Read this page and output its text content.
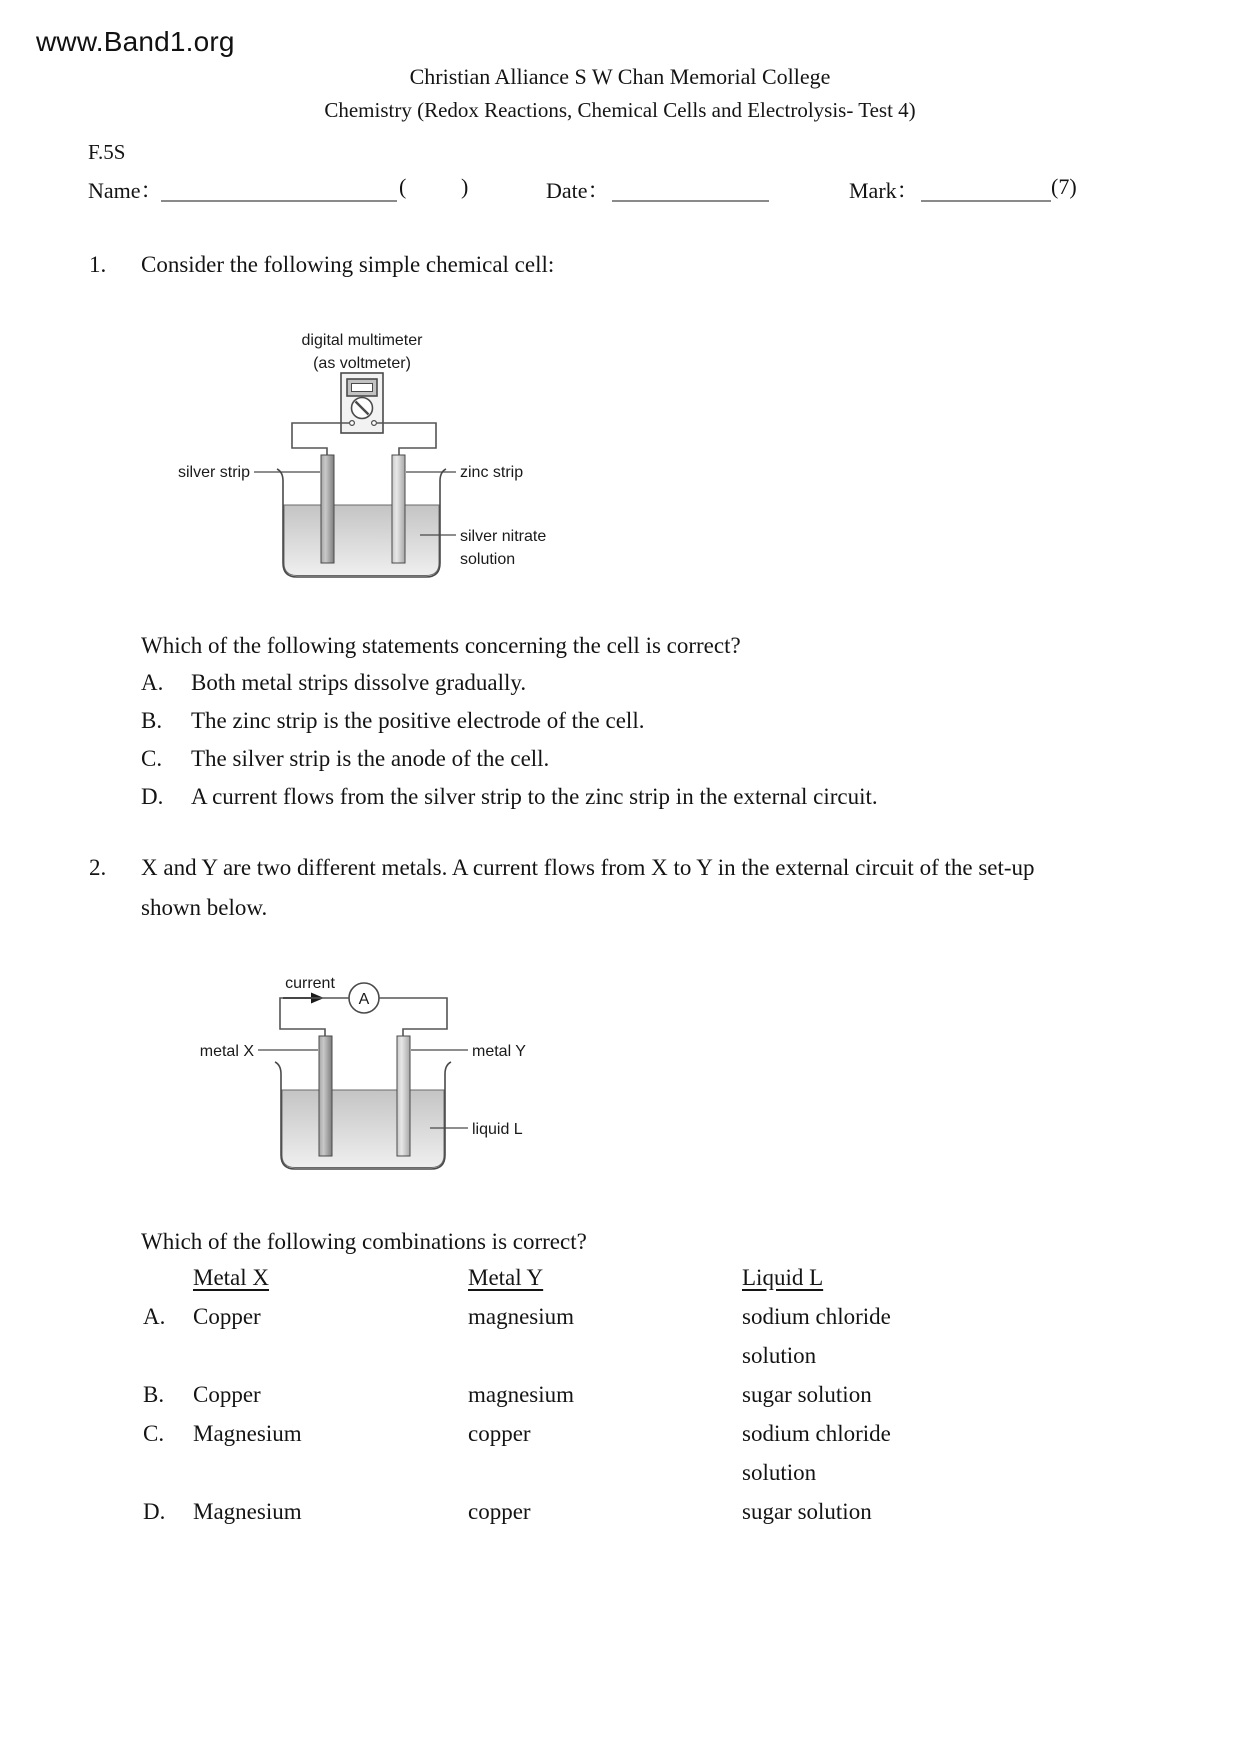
www.Band1.org
Christian Alliance S W Chan Memorial College
Chemistry (Redox Reactions, Chemical Cells and Electrolysis- Test 4)
F.5S
Name：	( )	Date：	Mark：	(7)
1.	Consider the following simple chemical cell:
digital multimeter
(as voltmeter)
silver strip	zinc strip
silver nitrate
solution
Which of the following statements concerning the cell is correct?
A.	Both metal strips dissolve gradually.
B.	The zinc strip is the positive electrode of the cell.
C.	The silver strip is the anode of the cell.
D.	A current flows from the silver strip to the zinc strip in the external circuit.
2.	X and Y are two different metals. A current flows from X to Y in the external circuit of the set-up
shown below.
current
A
metal X	metal Y
liquid L
Which of the following combinations is correct?
Metal X	Metal Y	Liquid L
A.	Copper	magnesium	sodium chloride solution
B.	Copper	magnesium	sugar solution
C.	Magnesium	copper	sodium chloride solution
D.	Magnesium	copper	sugar solution
